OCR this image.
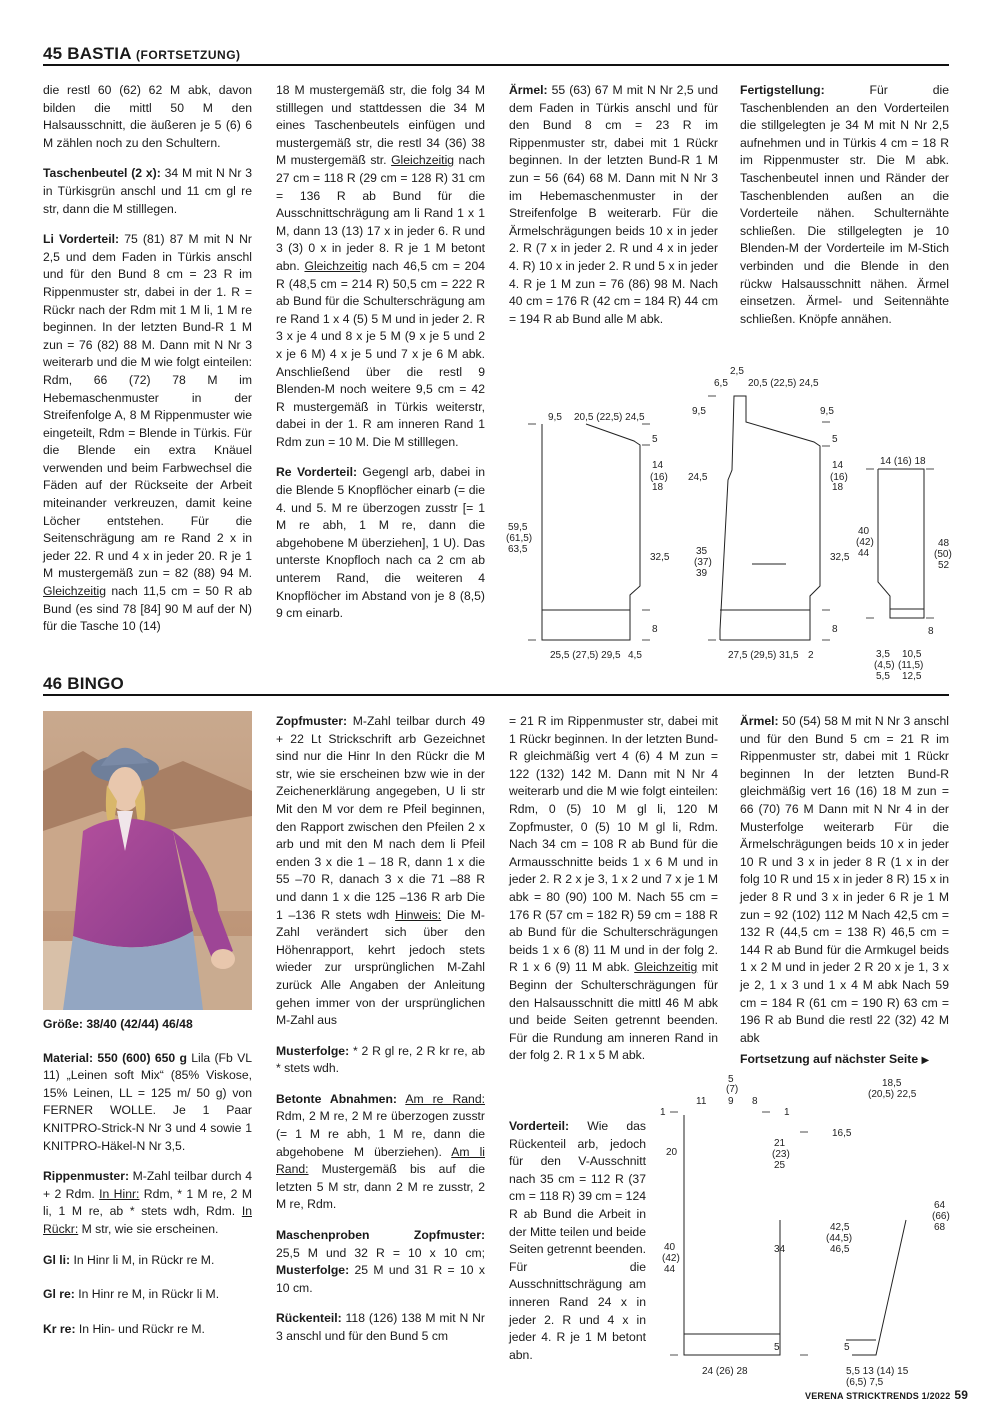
45 BASTIA (FORTSETZUNG)

die restl 60 (62) 62 M abk, davon bilden die mittl 50 M den Halsausschnitt, die äußeren je 5 (6) 6 M zählen noch zu den Schultern.

Taschenbeutel (2 x): 34 M mit N Nr 3 in Türkisgrün anschl und 11 cm gl re str, dann die M stilllegen.

Li Vorderteil: 75 (81) 87 M mit N Nr 2,5 und dem Faden in Türkis anschl und für den Bund 8 cm = 23 R im Rippenmuster str, dabei in der 1. R = Rückr nach der Rdm mit 1 M li, 1 M re beginnen. In der letzten Bund-R 1 M zun = 76 (82) 88 M. Dann mit N Nr 3 weiterarb und die M wie folgt einteilen: Rdm, 66 (72) 78 M im Hebemaschenmuster in der Streifenfolge A, 8 M Rippenmuster wie eingeteilt, Rdm = Blende in Türkis. Für die Blende ein extra Knäuel verwenden und beim Farbwechsel die Fäden auf der Rückseite der Arbeit miteinander verkreuzen, damit keine Löcher entstehen. Für die Seitenschrägung am re Rand 2 x in jeder 22. R und 4 x in jeder 20. R je 1 M mustergemäß zun = 82 (88) 94 M. Gleichzeitig nach 11,5 cm = 50 R ab Bund (es sind 78 [84] 90 M auf der N) für die Tasche 10 (14)

18 M mustergemäß str, die folg 34 M stilllegen und stattdessen die 34 M eines Taschenbeutels einfügen und mustergemäß str, die restl 34 (36) 38 M mustergemäß str. Gleichzeitig nach 27 cm = 118 R (29 cm = 128 R) 31 cm = 136 R ab Bund für die Ausschnittschrägung am li Rand 1 x 1 M, dann 13 (13) 17 x in jeder 6. R und 3 (3) 0 x in jeder 8. R je 1 M betont abn. Gleichzeitig nach 46,5 cm = 204 R (48,5 cm = 214 R) 50,5 cm = 222 R ab Bund für die Schulterschrägung am re Rand 1 x 4 (5) 5 M und in jeder 2. R 3 x je 4 und 8 x je 5 M (9 x je 5 und 2 x je 6 M) 4 x je 5 und 7 x je 6 M abk. Anschließend über die restl 9 Blenden-M noch weitere 9,5 cm = 42 R mustergemäß in Türkis weiterstr, dabei in der 1. R am inneren Rand 1 Rdm zun = 10 M. Die M stilllegen.

Re Vorderteil: Gegengl arb, dabei in die Blende 5 Knopflöcher einarb (= die 4. und 5. M re überzogen zusstr [= 1 M re abh, 1 M re, dann die abgehobene M überziehen], 1 U). Das unterste Knopfloch nach ca 2 cm ab unterem Rand, die weiteren 4 Knopflöcher im Abstand von je 8 (8,5) 9 cm einarb.

Ärmel: 55 (63) 67 M mit N Nr 2,5 und dem Faden in Türkis anschl und für den Bund 8 cm = 23 R im Rippenmuster str, dabei mit 1 Rückr beginnen. In der letzten Bund-R 1 M zun = 56 (64) 68 M. Dann mit N Nr 3 im Hebemaschenmuster in der Streifenfolge B weiterarb. Für die Ärmelschrägungen beids 10 x in jeder 2. R (7 x in jeder 2. R und 4 x in jeder 4. R) 10 x in jeder 2. R und 5 x in jeder 4. R je 1 M zun = 76 (86) 98 M. Nach 40 cm = 176 R (42 cm = 184 R) 44 cm = 194 R ab Bund alle M abk.

Fertigstellung: Für die Taschenblenden an den Vorderteilen die stillgelegten je 34 M mit N Nr 2,5 aufnehmen und in Türkis 4 cm = 18 R im Rippenmuster str. Die M abk. Taschenbeutel innen und Ränder der Taschenblenden außen an die Vorderteile nähen. Schulternähte schließen. Die stillgelegten je 10 Blenden-M der Vorderteile im M-Stich verbinden und die Blende in den rückw Halsausschnitt nähen. Ärmel einsetzen. Ärmel- und Seitennähte schließen. Knöpfe annähen.

9,5 20,5 (22,5) 24,5
5
14
(16)
18
59,5
(61,5)
63,5
32,5
8
25,5 (27,5) 29,5 4,5
2,5
6,5 20,5 (22,5) 24,5
9,5	9,5
24,5
5
14
(16)
18
35
(37)
39
32,5
8
27,5 (29,5) 31,5 2
14 (16) 18
40
(42)
44
48
(50)
52
8
3,5
(4,5)
5,5
10,5
(11,5)
12,5
46 BINGO

Größe: 38/40 (42/44) 46/48

Material: 550 (600) 650 g Lila (Fb VL 11) „Leinen soft Mix“ (85% Viskose, 15% Leinen, LL = 125 m/ 50 g) von FERNER WOLLE. Je 1 Paar KNITPRO-Strick-N Nr 3 und 4 sowie 1 KNITPRO-Häkel-N Nr 3,5.

Rippenmuster: M-Zahl teilbar durch 4 + 2 Rdm. In Hinr: Rdm, * 1 M re, 2 M li, 1 M re, ab * stets wdh, Rdm. In Rückr: M str, wie sie erscheinen.

Gl li: In Hinr li M, in Rückr re M.

Gl re: In Hinr re M, in Rückr li M.

Kr re: In Hin- und Rückr re M.

Zopfmuster: M-Zahl teilbar durch 49 + 22 Lt Strickschrift arb Gezeichnet sind nur die Hinr In den Rückr die M str, wie sie erscheinen bzw wie in der Zeichenerklärung angegeben, U li str Mit den M vor dem re Pfeil beginnen, den Rapport zwischen den Pfeilen 2 x arb und mit den M nach dem li Pfeil enden 3 x die 1 – 18 R, dann 1 x die 55 –70 R, danach 3 x die 71 –88 R und dann 1 x die 125 –136 R arb Die 1 –136 R stets wdh Hinweis: Die M-Zahl verändert sich über den Höhenrapport, kehrt jedoch stets wieder zur ursprünglichen M-Zahl zurück Alle Angaben der Anleitung gehen immer von der ursprünglichen M-Zahl aus

Musterfolge: * 2 R gl re, 2 R kr re, ab * stets wdh.

Betonte Abnahmen: Am re Rand: Rdm, 2 M re, 2 M re überzogen zusstr (= 1 M re abh, 1 M re, dann die abgehobene M überziehen). Am li Rand: Mustergemäß bis auf die letzten 5 M str, dann 2 M re zusstr, 2 M re, Rdm.

Maschenproben	Zopfmuster:
25,5 M und 32 R = 10 x 10 cm; Musterfolge: 25 M und 31 R = 10 x 10 cm.

Rückenteil: 118 (126) 138 M mit N Nr 3 anschl und für den Bund 5 cm

= 21 R im Rippenmuster str, dabei mit 1 Rückr beginnen. In der letzten Bund-R gleichmäßig vert 4 (6) 4 M zun = 122 (132) 142 M. Dann mit N Nr 4 weiterarb und die M wie folgt einteilen: Rdm, 0 (5) 10 M gl li, 120 M Zopfmuster, 0 (5) 10 M gl li, Rdm. Nach 34 cm = 108 R ab Bund für die Armausschnitte beids 1 x 6 M und in jeder 2. R 2 x je 3, 1 x 2 und 7 x je 1 M abk = 80 (90) 100 M. Nach 55 cm = 176 R (57 cm = 182 R) 59 cm = 188 R ab Bund für die Schulterschrägungen beids 1 x 6 (8) 11 M und in der folg 2. R 1 x 6 (9) 11 M abk. Gleichzeitig mit Beginn der Schulterschrägungen für den Halsausschnitt die mittl 46 M abk und beide Seiten getrennt beenden. Für die Rundung am inneren Rand in der folg 2. R 1 x 5 M abk.

Vorderteil: Wie das Rückenteil arb, jedoch für den V-Ausschnitt nach 35 cm = 112 R (37 cm = 118 R) 39 cm = 124 R ab Bund die Arbeit in der Mitte teilen und beide Seiten getrennt beenden. Für die Ausschnittschrägung am inneren Rand 24 x in jeder 2. R und 4 x in jeder 4. R je 1 M betont abn.

Ärmel: 50 (54) 58 M mit N Nr 3 anschl und für den Bund 5 cm = 21 R im Rippenmuster str, dabei mit 1 Rückr beginnen In der letzten Bund-R gleichmäßig vert 16 (16) 18 M zun = 66 (70) 76 M Dann mit N Nr 4 in der Musterfolge weiterarb Für die Ärmelschrägungen beids 10 x in jeder 10 R und 3 x in jeder 8 R (1 x in der folg 10 R und 15 x in jeder 8 R) 15 x in jeder 8 R und 3 x in jeder 6 R je 1 M zun = 92 (102) 112 M Nach 42,5 cm = 132 R (44,5 cm = 138 R) 46,5 cm = 144 R ab Bund für die Armkugel beids 1 x 2 M und in jeder 2 R 20 x je 1, 3 x je 2, 1 x 3 und 1 x 4 M abk Nach 59 cm = 184 R (61 cm = 190 R) 63 cm = 196 R ab Bund die restl 22 (32) 42 M abk

Fortsetzung auf nächster Seite ▶

5
(7)
11 9 8
1	1
20
21
(23)
25
40
(42)
44
34
5
24 (26) 28
18,5
(20,5) 22,5
16,5
64
(66)
68
42,5
(44,5)
46,5
5
5,5 13 (14) 15
(6,5) 7,5
VERENA STRICKTRENDS 1/2022 59
